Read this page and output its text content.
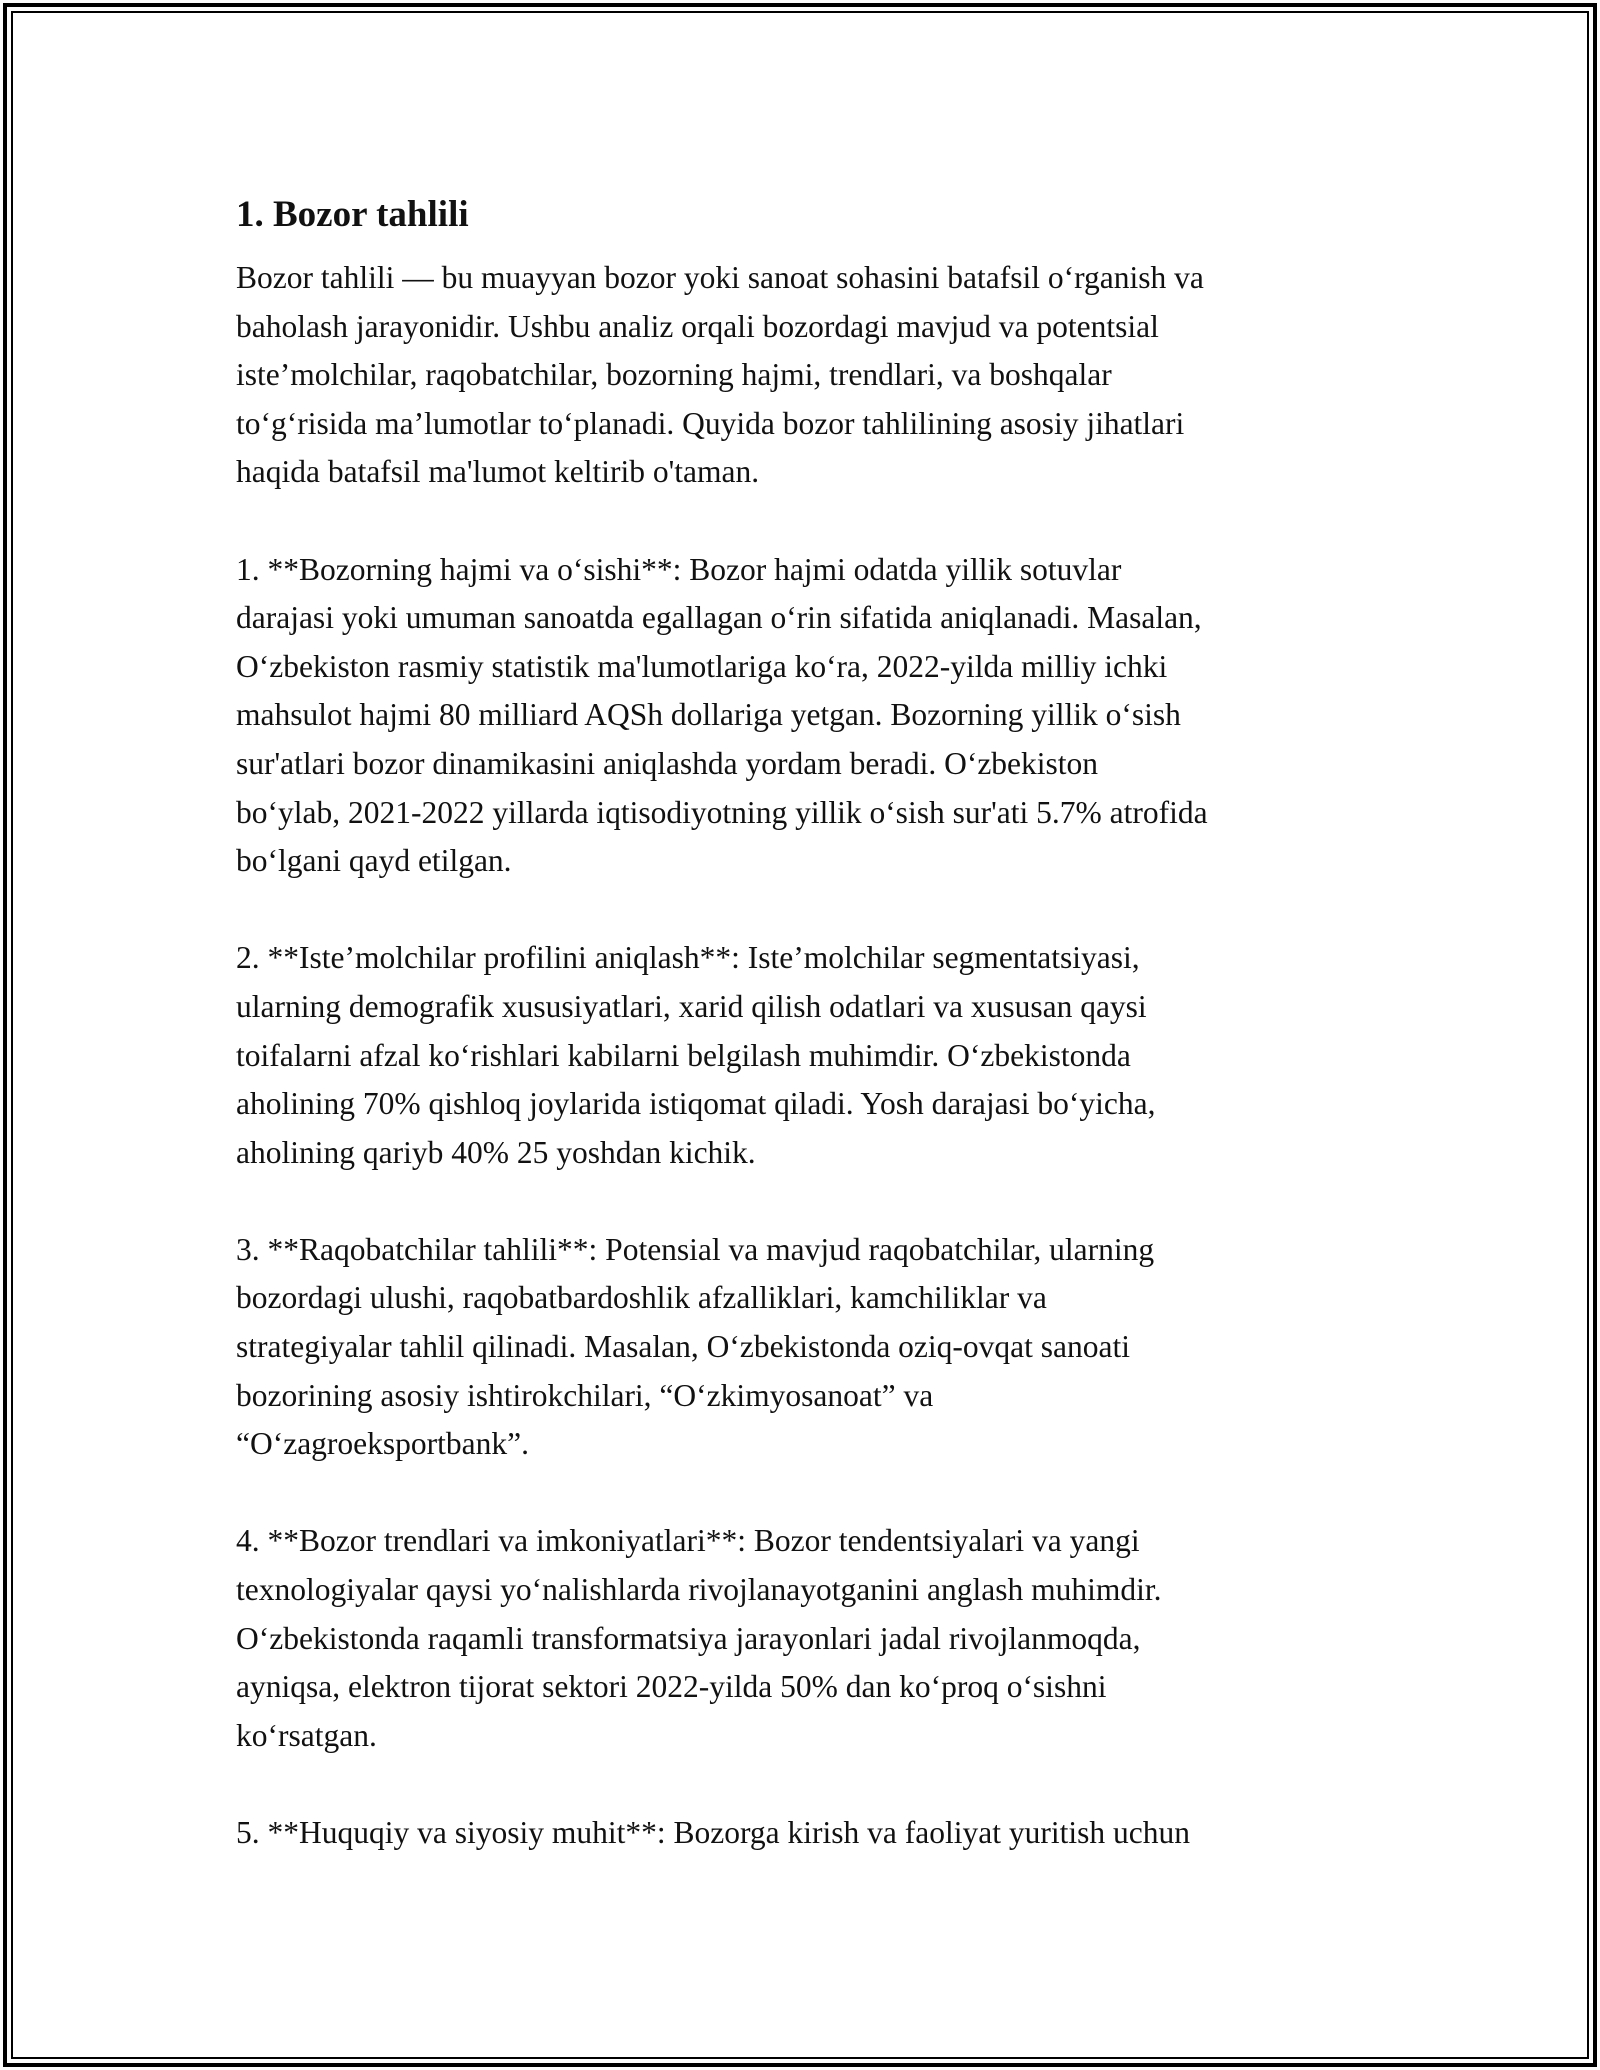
1. Bozor tahlili

Bozor tahlili — bu muayyan bozor yoki sanoat sohasini batafsil o‘rganish va
baholash jarayonidir. Ushbu analiz orqali bozordagi mavjud va potentsial
iste’molchilar, raqobatchilar, bozorning hajmi, trendlari, va boshqalar
to‘g‘risida ma’lumotlar to‘planadi. Quyida bozor tahlilining asosiy jihatlari
haqida batafsil ma'lumot keltirib o'taman.

1. **Bozorning hajmi va o‘sishi**: Bozor hajmi odatda yillik sotuvlar
darajasi yoki umuman sanoatda egallagan o‘rin sifatida aniqlanadi. Masalan,
O‘zbekiston rasmiy statistik ma'lumotlariga ko‘ra, 2022-yilda milliy ichki
mahsulot hajmi 80 milliard AQSh dollariga yetgan. Bozorning yillik o‘sish
sur'atlari bozor dinamikasini aniqlashda yordam beradi. O‘zbekiston
bo‘ylab, 2021-2022 yillarda iqtisodiyotning yillik o‘sish sur'ati 5.7% atrofida
bo‘lgani qayd etilgan.

2. **Iste’molchilar profilini aniqlash**: Iste’molchilar segmentatsiyasi,
ularning demografik xususiyatlari, xarid qilish odatlari va xususan qaysi
toifalarni afzal ko‘rishlari kabilarni belgilash muhimdir. O‘zbekistonda
aholining 70% qishloq joylarida istiqomat qiladi. Yosh darajasi bo‘yicha,
aholining qariyb 40% 25 yoshdan kichik.

3. **Raqobatchilar tahlili**: Potensial va mavjud raqobatchilar, ularning
bozordagi ulushi, raqobatbardoshlik afzalliklari, kamchiliklar va
strategiyalar tahlil qilinadi. Masalan, O‘zbekistonda oziq-ovqat sanoati
bozorining asosiy ishtirokchilari, “O‘zkimyosanoat” va
“O‘zagroeksportbank”.

4. **Bozor trendlari va imkoniyatlari**: Bozor tendentsiyalari va yangi
texnologiyalar qaysi yo‘nalishlarda rivojlanayotganini anglash muhimdir.
O‘zbekistonda raqamli transformatsiya jarayonlari jadal rivojlanmoqda,
ayniqsa, elektron tijorat sektori 2022-yilda 50% dan ko‘proq o‘sishni
ko‘rsatgan.

5. **Huquqiy va siyosiy muhit**: Bozorga kirish va faoliyat yuritish uchun
